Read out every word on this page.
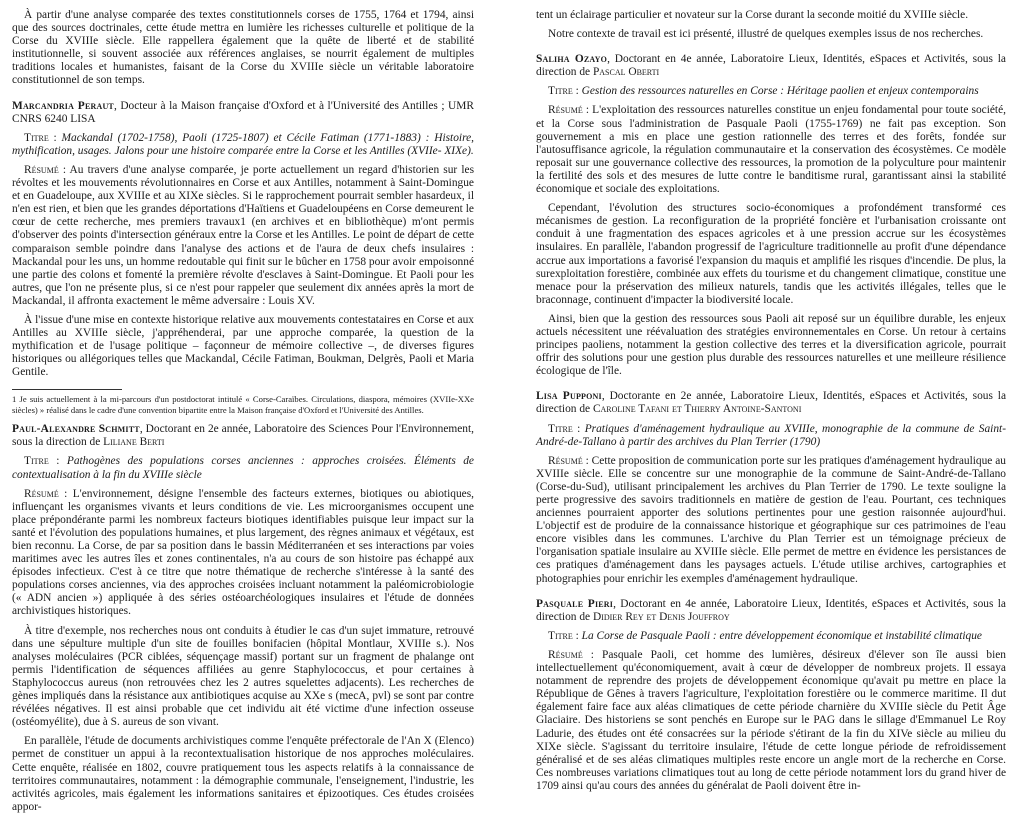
À partir d'une analyse comparée des textes constitutionnels corses de 1755, 1764 et 1794, ainsi que des sources doctrinales, cette étude mettra en lumière les richesses culturelle et politique de la Corse du XVIIIe siècle. Elle rappellera également que la quête de liberté et de stabilité institutionnelle, si souvent associée aux références anglaises, se nourrit également de multiples traditions locales et humanistes, faisant de la Corse du XVIIIe siècle un véritable laboratoire constitutionnel de son temps.

Marcandria Peraut, Docteur à la Maison française d'Oxford et à l'Université des Antilles ; UMR CNRS 6240 LISA

Titre : Mackandal (1702-1758), Paoli (1725-1807) et Cécile Fatiman (1771-1883) : Histoire, mythification, usages. Jalons pour une histoire comparée entre la Corse et les Antilles (XVIIe- XIXe).

Résumé : Au travers d'une analyse comparée, je porte actuellement un regard d'historien sur les révoltes et les mouvements révolutionnaires en Corse et aux Antilles, notamment à Saint-Domingue et en Guadeloupe, aux XVIIIe et au XIXe siècles. Si le rapprochement pourrait sembler hasardeux, il n'en est rien, et bien que les grandes déportations d'Haïtiens et Guadeloupéens en Corse demeurent le cœur de cette recherche, mes premiers travaux1 (en archives et en bibliothèque) m'ont permis d'observer des points d'intersection généraux entre la Corse et les Antilles. Le point de départ de cette comparaison semble poindre dans l'analyse des actions et de l'aura de deux chefs insulaires : Mackandal pour les uns, un homme redoutable qui finit sur le bûcher en 1758 pour avoir empoisonné une partie des colons et fomenté la première révolte d'esclaves à Saint-Domingue. Et Paoli pour les autres, que l'on ne présente plus, si ce n'est pour rappeler que seulement dix années après la mort de Mackandal, il affronta exactement le même adversaire : Louis XV.

À l'issue d'une mise en contexte historique relative aux mouvements contestataires en Corse et aux Antilles au XVIIIe siècle, j'appréhenderai, par une approche comparée, la question de la mythification et de l'usage politique – façonneur de mémoire collective –, de diverses figures historiques ou allégoriques telles que Mackandal, Cécile Fatiman, Boukman, Delgrès, Paoli et Maria Gentile.

1 Je suis actuellement à la mi-parcours d'un postdoctorat intitulé « Corse-Caraïbes. Circulations, diaspora, mémoires (XVIIe-XXe siècles) » réalisé dans le cadre d'une convention bipartite entre la Maison française d'Oxford et l'Université des Antilles.

Paul-Alexandre Schmitt, Doctorant en 2e année, Laboratoire des Sciences Pour l'Environnement, sous la direction de Liliane Berti

Titre : Pathogènes des populations corses anciennes : approches croisées. Éléments de contextualisation à la fin du XVIIIe siècle

Résumé : L'environnement, désigne l'ensemble des facteurs externes, biotiques ou abiotiques, influençant les organismes vivants et leurs conditions de vie. Les microorganismes occupent une place prépondérante parmi les nombreux facteurs biotiques identifiables puisque leur impact sur la santé et l'évolution des populations humaines, et plus largement, des règnes animaux et végétaux, est bien reconnu. La Corse, de par sa position dans le bassin Méditerranéen et ses interactions par voies maritimes avec les autres îles et zones continentales, n'a au cours de son histoire pas échappé aux épisodes infectieux. C'est à ce titre que notre thématique de recherche s'intéresse à la santé des populations corses anciennes, via des approches croisées incluant notamment la paléomicrobiologie (« ADN ancien ») appliquée à des séries ostéoarchéologiques insulaires et l'étude de données archivistiques historiques.

À titre d'exemple, nos recherches nous ont conduits à étudier le cas d'un sujet immature, retrouvé dans une sépulture multiple d'un site de fouilles bonifacien (hôpital Montlaur, XVIIIe s.). Nos analyses moléculaires (PCR ciblées, séquençage massif) portant sur un fragment de phalange ont permis l'identification de séquences affiliées au genre Staphylococcus, et pour certaines à Staphylococcus aureus (non retrouvées chez les 2 autres squelettes adjacents). Les recherches de gènes impliqués dans la résistance aux antibiotiques acquise au XXe s (mecA, pvl) se sont par contre révélées négatives. Il est ainsi probable que cet individu ait été victime d'une infection osseuse (ostéomyélite), due à S. aureus de son vivant.

En parallèle, l'étude de documents archivistiques comme l'enquête préfectorale de l'An X (Elenco) permet de constituer un appui à la recontextualisation historique de nos approches moléculaires. Cette enquête, réalisée en 1802, couvre pratiquement tous les aspects relatifs à la connaissance de territoires communautaires, notamment : la démographie communale, l'enseignement, l'industrie, les activités agricoles, mais également les informations sanitaires et épizootiques. Ces études croisées appor-

tent un éclairage particulier et novateur sur la Corse durant la seconde moitié du XVIIIe siècle.

Notre contexte de travail est ici présenté, illustré de quelques exemples issus de nos recherches.

Saliha Ozayo, Doctorant en 4e année, Laboratoire Lieux, Identités, eSpaces et Activités, sous la direction de Pascal Oberti

Titre : Gestion des ressources naturelles en Corse : Héritage paolien et enjeux contemporains

Résumé : L'exploitation des ressources naturelles constitue un enjeu fondamental pour toute société, et la Corse sous l'administration de Pasquale Paoli (1755-1769) ne fait pas exception. Son gouvernement a mis en place une gestion rationnelle des terres et des forêts, fondée sur l'autosuffisance agricole, la régulation communautaire et la conservation des écosystèmes. Ce modèle reposait sur une gouvernance collective des ressources, la promotion de la polyculture pour maintenir la fertilité des sols et des mesures de lutte contre le banditisme rural, garantissant ainsi la stabilité économique et sociale des exploitations.

Cependant, l'évolution des structures socio-économiques a profondément transformé ces mécanismes de gestion. La reconfiguration de la propriété foncière et l'urbanisation croissante ont conduit à une fragmentation des espaces agricoles et à une pression accrue sur les écosystèmes insulaires. En parallèle, l'abandon progressif de l'agriculture traditionnelle au profit d'une dépendance accrue aux importations a favorisé l'expansion du maquis et amplifié les risques d'incendie. De plus, la surexploitation forestière, combinée aux effets du tourisme et du changement climatique, constitue une menace pour la préservation des milieux naturels, tandis que les activités illégales, telles que le braconnage, continuent d'impacter la biodiversité locale.

Ainsi, bien que la gestion des ressources sous Paoli ait reposé sur un équilibre durable, les enjeux actuels nécessitent une réévaluation des stratégies environnementales en Corse. Un retour à certains principes paoliens, notamment la gestion collective des terres et la diversification agricole, pourrait offrir des solutions pour une gestion plus durable des ressources naturelles et une meilleure résilience écologique de l'île.

Lisa Pupponi, Doctorante en 2e année, Laboratoire Lieux, Identités, eSpaces et Activités, sous la direction de Caroline Tafani et Thierry Antoine-Santoni

Titre : Pratiques d'aménagement hydraulique au XVIIIe, monographie de la commune de Saint-André-de-Tallano à partir des archives du Plan Terrier (1790)

Résumé : Cette proposition de communication porte sur les pratiques d'aménagement hydraulique au XVIIIe siècle. Elle se concentre sur une monographie de la commune de Saint-André-de-Tallano (Corse-du-Sud), utilisant principalement les archives du Plan Terrier de 1790. Le texte souligne la perte progressive des savoirs traditionnels en matière de gestion de l'eau. Pourtant, ces techniques anciennes pourraient apporter des solutions pertinentes pour une gestion raisonnée aujourd'hui. L'objectif est de produire de la connaissance historique et géographique sur ces patrimoines de l'eau encore visibles dans les communes. L'archive du Plan Terrier est un témoignage précieux de l'organisation spatiale insulaire au XVIIIe siècle. Elle permet de mettre en évidence les persistances de ces pratiques d'aménagement dans les paysages actuels. L'étude utilise archives, cartographies et photographies pour enrichir les exemples d'aménagement hydraulique.

Pasquale Pieri, Doctorant en 4e année, Laboratoire Lieux, Identités, eSpaces et Activités, sous la direction de Didier Rey et Denis Jouffroy

Titre : La Corse de Pasquale Paoli : entre développement économique et instabilité climatique

Résumé : Pasquale Paoli, cet homme des lumières, désireux d'élever son île aussi bien intellectuellement qu'économiquement, avait à cœur de développer de nombreux projets. Il essaya notamment de reprendre des projets de développement économique qu'avait pu mettre en place la République de Gênes à travers l'agriculture, l'exploitation forestière ou le commerce maritime. Il dut également faire face aux aléas climatiques de cette période charnière du XVIIIe siècle du Petit Âge Glaciaire. Des historiens se sont penchés en Europe sur le PAG dans le sillage d'Emmanuel Le Roy Ladurie, des études ont été consacrées sur la période s'étirant de la fin du XIVe siècle au milieu du XIXe siècle. S'agissant du territoire insulaire, l'étude de cette longue période de refroidissement généralisé et de ses aléas climatiques multiples reste encore un angle mort de la recherche en Corse. Ces nombreuses variations climatiques tout au long de cette période notamment lors du grand hiver de 1709 ainsi qu'au cours des années du généralat de Paoli doivent être in-
